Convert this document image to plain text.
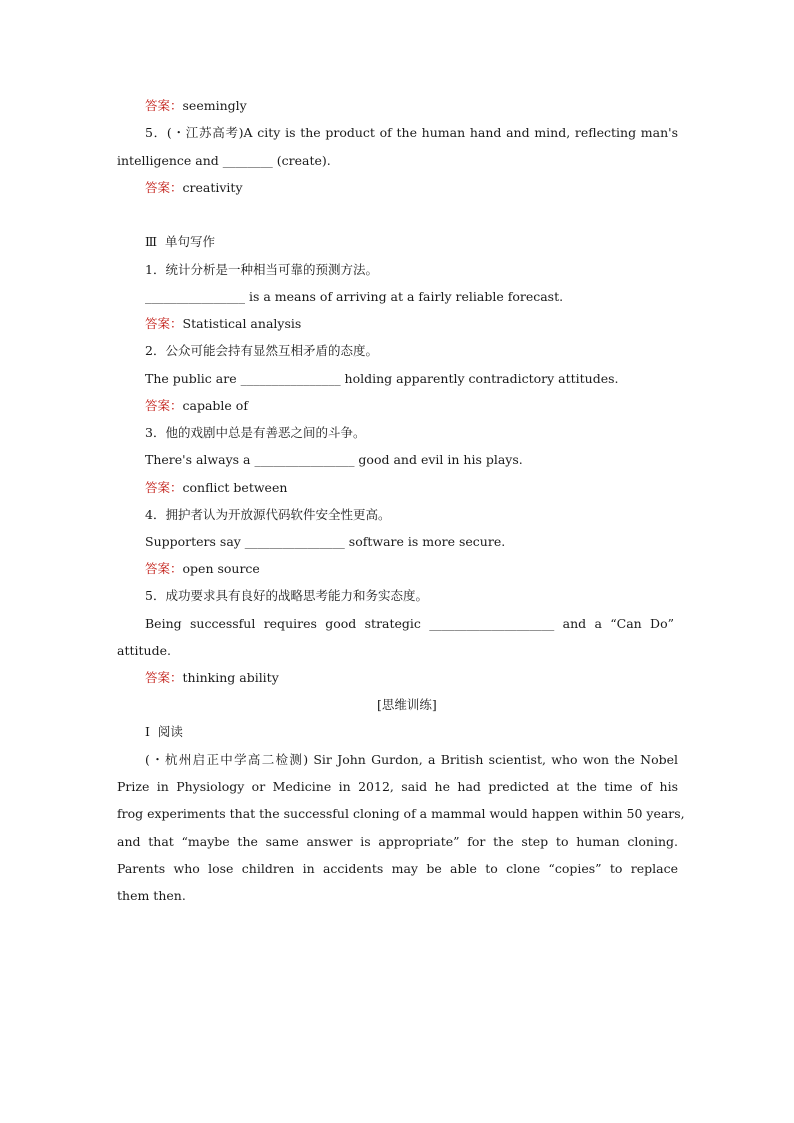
答案：seemingly
5．(・江苏高考)A city is the product of the human hand and mind, reflecting man's
intelligence and ________ (create).
答案：creativity
Ⅲ  单句写作
1．统计分析是一种相当可靠的预测方法。
________________ is a means of arriving at a fairly reliable forecast.
答案：Statistical analysis
2．公众可能会持有显然互相矛盾的态度。
The public are ________________ holding apparently contradictory attitudes.
答案：capable of
3．他的戏剧中总是有善恶之间的斗争。
There's always a ________________ good and evil in his plays.
答案：conflict between
4．拥护者认为开放源代码软件安全性更高。
Supporters say ________________ software is more secure.
答案：open source
5．成功要求具有良好的战略思考能力和务实态度。
Being successful requires good strategic ____________________ and a “Can Do”
attitude.
答案：thinking ability
[思维训练]
Ⅰ  阅读
(・杭州启正中学高二检测) Sir John Gurdon, a British scientist, who won the Nobel
Prize in Physiology or Medicine in 2012, said he had predicted at the time of his
frog experiments that the successful cloning of a mammal would happen within 50 years,
and that “maybe the same answer is appropriate” for the step to human cloning.
Parents who lose children in accidents may be able to clone “copies” to replace
them then.
